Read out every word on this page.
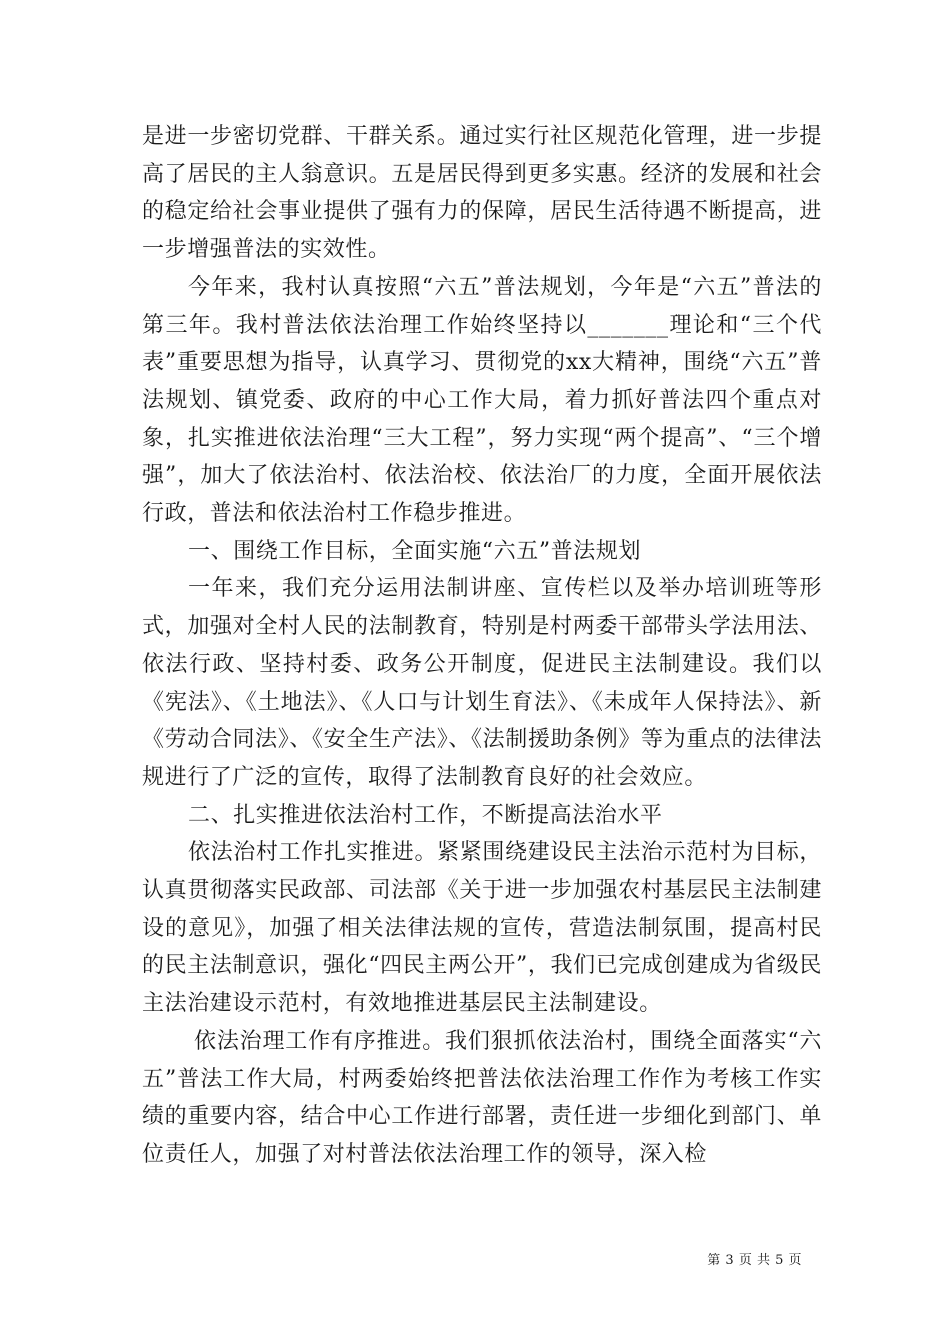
是进一步密切党群、干群关系。通过实行社区规范化管理，进一步提高了居民的主人翁意识。五是居民得到更多实惠。经济的发展和社会的稳定给社会事业提供了强有力的保障，居民生活待遇不断提高，进一步增强普法的实效性。

今年来，我村认真按照“六五”普法规划，今年是“六五”普法的第三年。我村普法依法治理工作始终坚持以_______理论和“三个代表”重要思想为指导，认真学习、贯彻党的xx大精神，围绕“六五”普法规划、镇党委、政府的中心工作大局，着力抓好普法四个重点对象，扎实推进依法治理“三大工程”，努力实现“两个提高”、“三个增强”，加大了依法治村、依法治校、依法治厂的力度，全面开展依法行政，普法和依法治村工作稳步推进。

一、围绕工作目标，全面实施“六五”普法规划

一年来，我们充分运用法制讲座、宣传栏以及举办培训班等形式，加强对全村人民的法制教育，特别是村两委干部带头学法用法、依法行政、坚持村委、政务公开制度，促进民主法制建设。我们以《宪法》、《土地法》、《人口与计划生育法》、《未成年人保持法》、新《劳动合同法》、《安全生产法》、《法制援助条例》等为重点的法律法规进行了广泛的宣传，取得了法制教育良好的社会效应。

二、扎实推进依法治村工作，不断提高法治水平

依法治村工作扎实推进。紧紧围绕建设民主法治示范村为目标，认真贯彻落实民政部、司法部《关于进一步加强农村基层民主法制建设的意见》，加强了相关法律法规的宣传，营造法制氛围，提高村民的民主法制意识，强化“四民主两公开”，我们已完成创建成为省级民主法治建设示范村，有效地推进基层民主法制建设。

依法治理工作有序推进。我们狠抓依法治村，围绕全面落实“六五”普法工作大局，村两委始终把普法依法治理工作作为考核工作实绩的重要内容，结合中心工作进行部署，责任进一步细化到部门、单位责任人，加强了对村普法依法治理工作的领导，深入检

第 3 页 共 5 页
